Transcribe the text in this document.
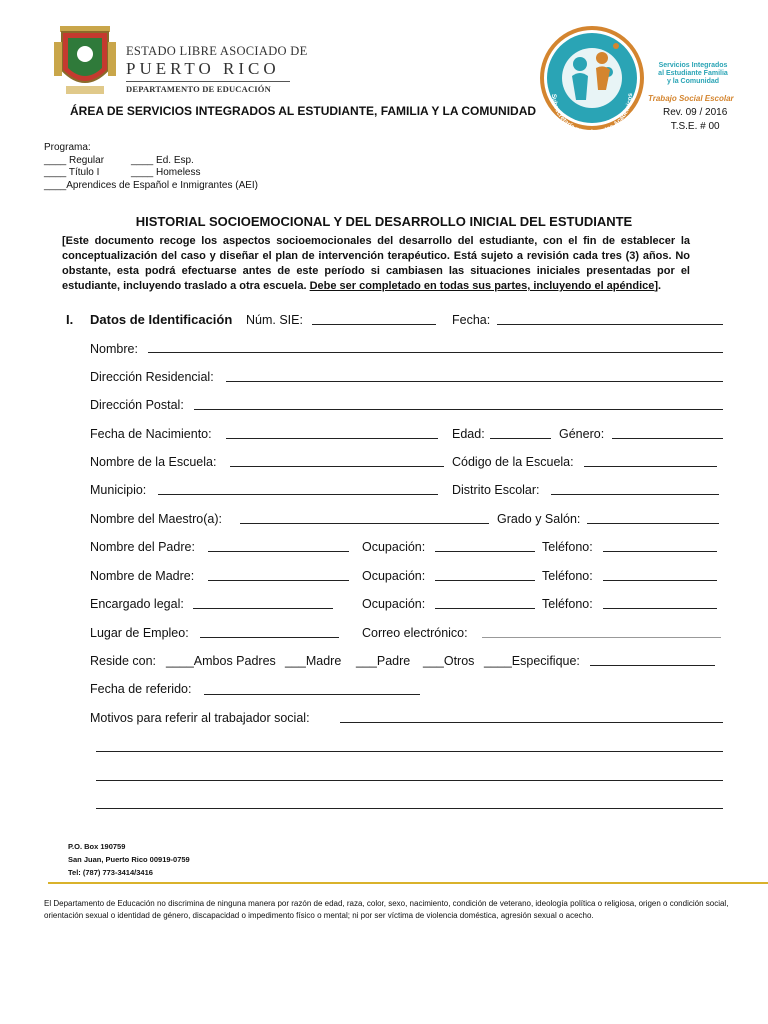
ESTADO LIBRE ASOCIADO DE
PUERTO RICO
DEPARTAMENTO DE EDUCACIÓN
ÁREA DE SERVICIOS INTEGRADOS AL ESTUDIANTE, FAMILIA Y LA COMUNIDAD
Subsecretaría para Asuntos Académicos
Servicios Integrados
al Estudiante Familia
y la Comunidad
Trabajo Social Escolar
Rev. 09 / 2016
T.S.E. # 00
Programa:
____ Regular	____ Ed. Esp.
____ Título I	____ Homeless
____Aprendices de Español e Inmigrantes (AEI)
HISTORIAL SOCIOEMOCIONAL Y DEL DESARROLLO INICIAL DEL ESTUDIANTE
[Este documento recoge los aspectos socioemocionales del desarrollo del estudiante, con el fin de establecer la conceptualización del caso y diseñar el plan de intervención terapéutico. Está sujeto a revisión cada tres (3) años. No obstante, esta podrá efectuarse antes de este período si cambiasen las situaciones iniciales presentadas por el estudiante, incluyendo traslado a otra escuela. Debe ser completado en todas sus partes, incluyendo el apéndice].
I. Datos de Identificación Núm. SIE:	Fecha:
Nombre:
Dirección Residencial:
Dirección Postal:
Fecha de Nacimiento:	Edad:	Género:
Nombre de la Escuela:	Código de la Escuela:
Municipio:	Distrito Escolar:
Nombre del Maestro(a):	Grado y Salón:
Nombre del Padre:	Ocupación:	Teléfono:
Nombre de Madre:	Ocupación:	Teléfono:
Encargado legal:	Ocupación:	Teléfono:
Lugar de Empleo:	Correo electrónico:
Reside con: ____Ambos Padres ___Madre ___Padre ___Otros ____Especifique:
Fecha de referido:
Motivos para referir al trabajador social:
P.O. Box 190759
San Juan, Puerto Rico 00919-0759
Tel: (787) 773-3414/3416
El Departamento de Educación no discrimina de ninguna manera por razón de edad, raza, color, sexo, nacimiento, condición de veterano, ideología política o religiosa, origen o condición social, orientación sexual o identidad de género, discapacidad o impedimento físico o mental; ni por ser víctima de violencia doméstica, agresión sexual o acecho.
